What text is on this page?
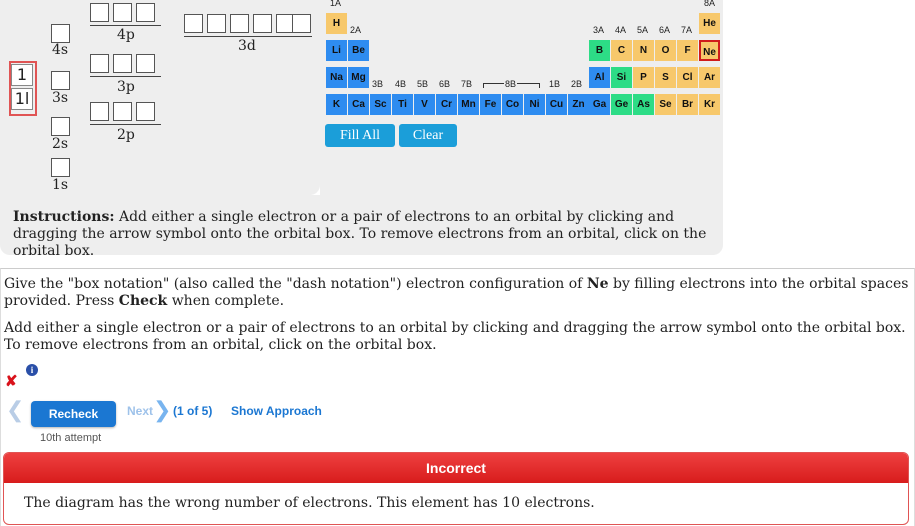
1
1l
4s
4p
3d
3s
3p
2s
2p
1s
1A	8A
2A	3A 4A 5A 6A 7A
3B 4B 5B 6B 7B	8B	1B 2B
H	He
Li	Be	B	C	N	O	F	Ne
Na Mg	Al	Si	P	S	Cl	Ar
K	Ca Sc	Ti	V	Cr Mn Fe Co	Ni	Cu Zn Ga Ge As Se	Br	Kr
Fill All	Clear
Instructions: Add either a single electron or a pair of electrons to an orbital by clicking and dragging the arrow symbol onto the orbital box. To remove electrons from an orbital, click on the orbital box.
Give the "box notation" (also called the "dash notation") electron configuration of Ne by filling electrons into the orbital spaces provided. Press Check when complete.
Add either a single electron or a pair of electrons to an orbital by clicking and dragging the arrow symbol onto the orbital box. To remove electrons from an orbital, click on the orbital box.
✘
i
❮	Recheck	Next ❯ (1 of 5) Show Approach
10th attempt
Incorrect
The diagram has the wrong number of electrons. This element has 10 electrons.
